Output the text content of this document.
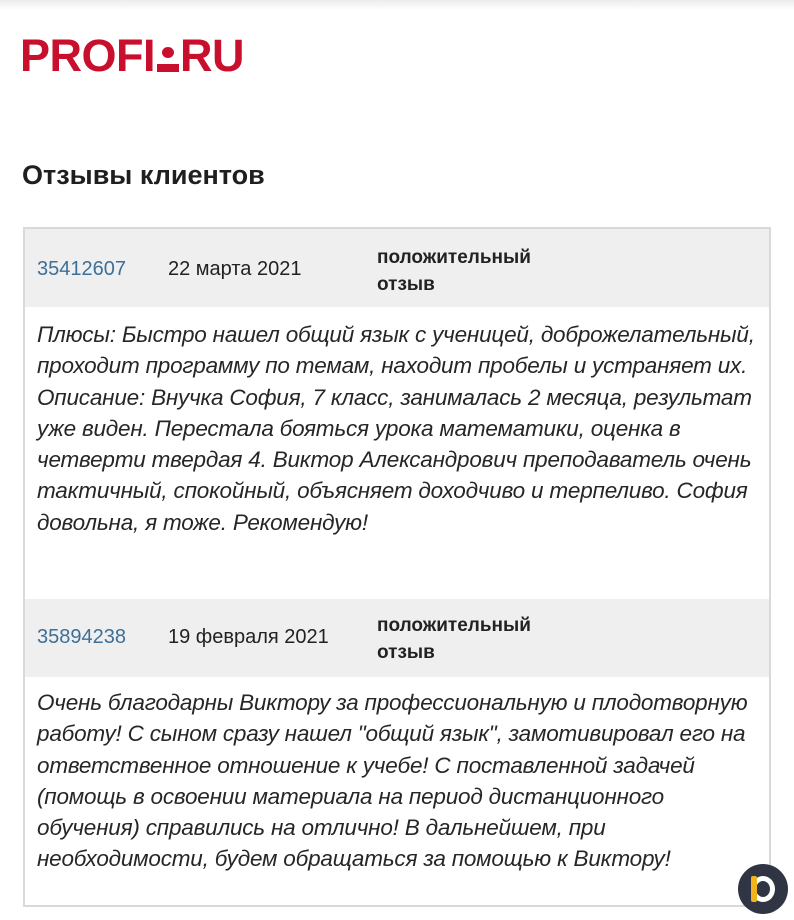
PROFI RU
Отзывы клиентов
35412607 22 марта 2021
положительный
отзыв

Плюсы: Быстро нашел общий язык с ученицей, доброжелательный, проходит программу по темам, находит пробелы и устраняет их.

Описание: Внучка София, 7 класс, занималась 2 месяца, результат уже виден. Перестала бояться урока математики, оценка в четверти твердая 4. Виктор Александрович преподаватель очень тактичный, спокойный, объясняет доходчиво и терпеливо. София довольна, я тоже. Рекомендую!

35894238 19 февраля 2021
положительный
отзыв

Очень благодарны Виктору за профессиональную и плодотворную работу! С сыном сразу нашел "общий язык", замотивировал его на ответственное отношение к учебе! С поставленной задачей (помощь в освоении материала на период дистанционного обучения) справились на отлично! В дальнейшем, при необходимости, будем обращаться за помощью к Виктору!
